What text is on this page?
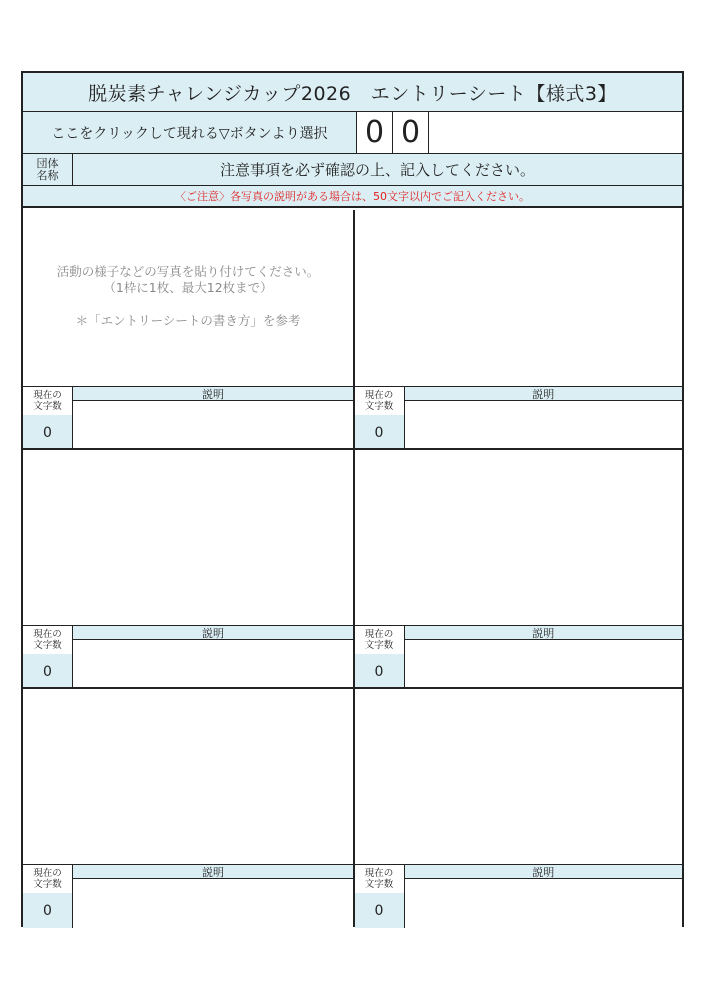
脱炭素チャレンジカップ2026　エントリーシート【様式3】
ここをクリックして現れる▽ボタンより選択	0 0
団体
名称	注意事項を必ず確認の上、記入してください。
〈ご注意〉各写真の説明がある場合は、50文字以内でご記入ください。
活動の様子などの写真を貼り付けてください。
（1枠に1枚、最大12枚まで）
＊「エントリーシートの書き方」を参考
現在の
文字数
0
説明	現在の
文字数
0
説明
現在の
文字数
0
説明	現在の
文字数
0
説明
現在の
文字数
0
説明	現在の
文字数
0
説明
